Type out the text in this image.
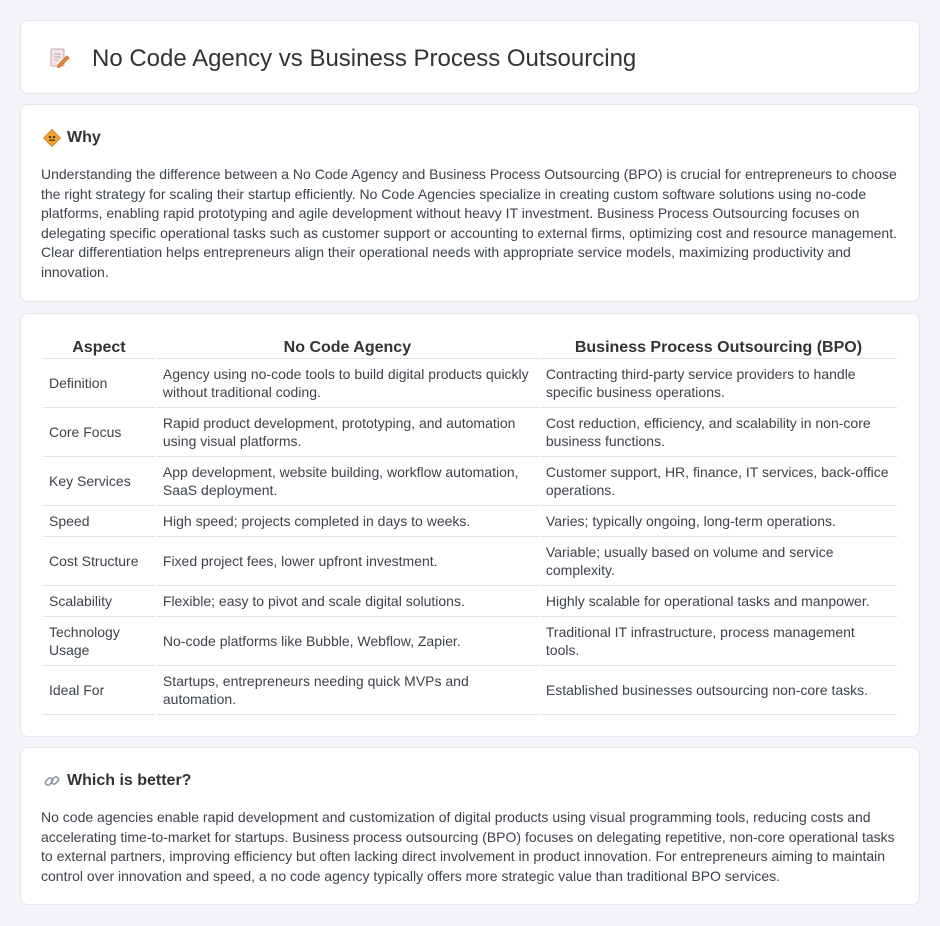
No Code Agency vs Business Process Outsourcing
Why

Understanding the difference between a No Code Agency and Business Process Outsourcing (BPO) is crucial for entrepreneurs to choose the right strategy for scaling their startup efficiently. No Code Agencies specialize in creating custom software solutions using no-code platforms, enabling rapid prototyping and agile development without heavy IT investment. Business Process Outsourcing focuses on delegating specific operational tasks such as customer support or accounting to external firms, optimizing cost and resource management. Clear differentiation helps entrepreneurs align their operational needs with appropriate service models, maximizing productivity and innovation.

Aspect	No Code Agency	Business Process Outsourcing (BPO)
Definition	Agency using no-code tools to build digital products quickly without traditional coding.	Contracting third-party service providers to handle specific business operations.
Core Focus	Rapid product development, prototyping, and automation using visual platforms.	Cost reduction, efficiency, and scalability in non-core business functions.
Key Services	App development, website building, workflow automation, SaaS deployment.	Customer support, HR, finance, IT services, back-office operations.
Speed	High speed; projects completed in days to weeks.	Varies; typically ongoing, long-term operations.
Cost Structure	Fixed project fees, lower upfront investment.	Variable; usually based on volume and service complexity.
Scalability	Flexible; easy to pivot and scale digital solutions.	Highly scalable for operational tasks and manpower.
Technology Usage	No-code platforms like Bubble, Webflow, Zapier.	Traditional IT infrastructure, process management tools.
Ideal For	Startups, entrepreneurs needing quick MVPs and automation.	Established businesses outsourcing non-core tasks.
Which is better?

No code agencies enable rapid development and customization of digital products using visual programming tools, reducing costs and accelerating time-to-market for startups. Business process outsourcing (BPO) focuses on delegating repetitive, non-core operational tasks to external partners, improving efficiency but often lacking direct involvement in product innovation. For entrepreneurs aiming to maintain control over innovation and speed, a no code agency typically offers more strategic value than traditional BPO services.
